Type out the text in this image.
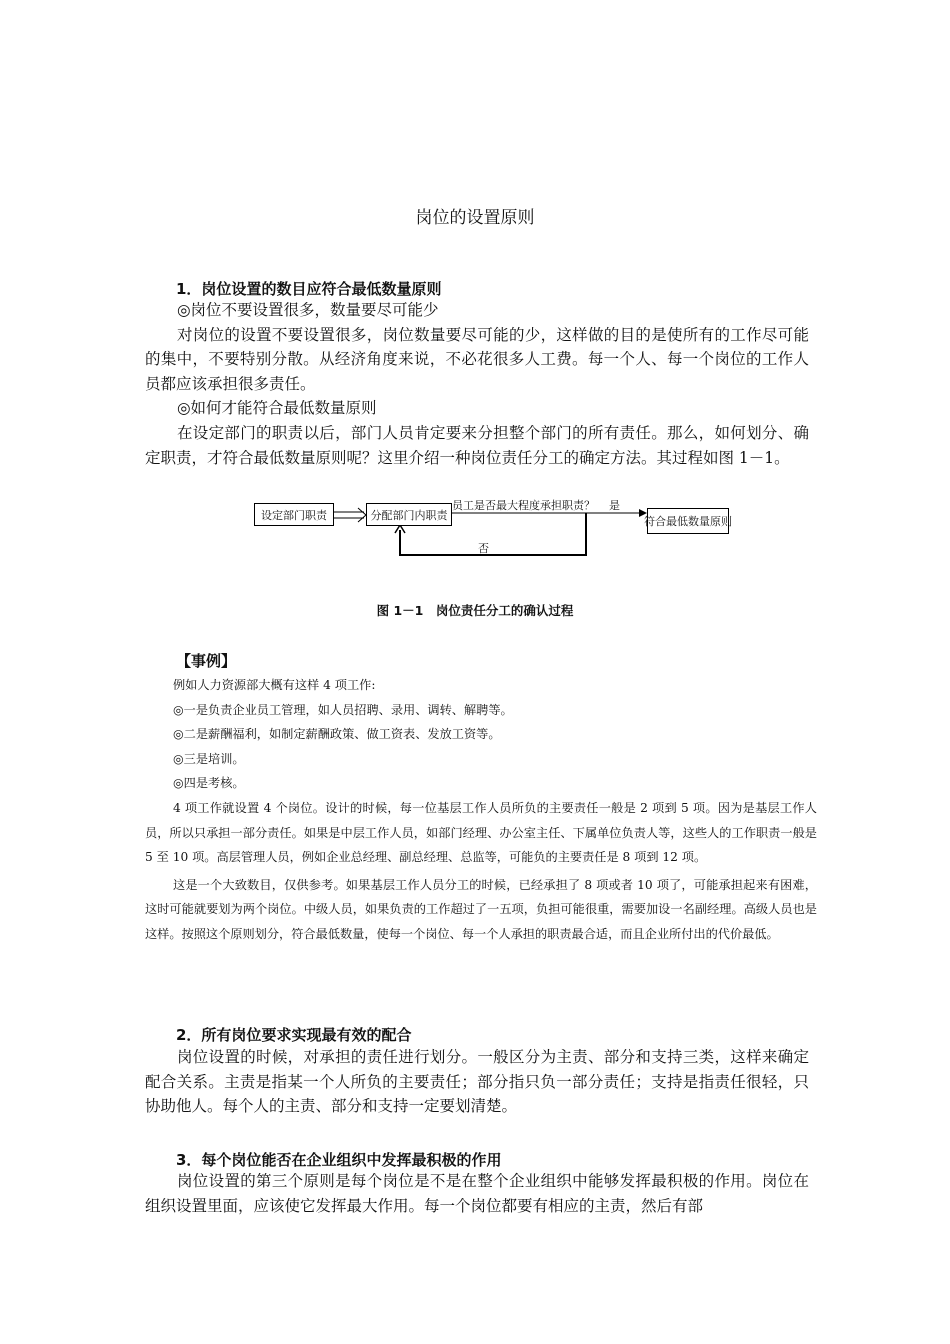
岗位的设置原则
1．岗位设置的数目应符合最低数量原则

◎岗位不要设置很多，数量要尽可能少

对岗位的设置不要设置很多，岗位数量要尽可能的少，这样做的目的是使所有的工作尽可能的集中，不要特别分散。从经济角度来说，不必花很多人工费。每一个人、每一个岗位的工作人员都应该承担很多责任。

◎如何才能符合最低数量原则

在设定部门的职责以后，部门人员肯定要来分担整个部门的所有责任。那么，如何划分、确定职责，才符合最低数量原则呢？这里介绍一种岗位责任分工的确定方法。其过程如图 1－1。

设定部门职责	分配部门内职责	符合最低数量原则
员工是否最大程度承担职责？ 是
否
图 1－1　岗位责任分工的确认过程
【事例】

例如人力资源部大概有这样 4 项工作:

◎一是负责企业员工管理，如人员招聘、录用、调转、解聘等。

◎二是薪酬福利，如制定薪酬政策、做工资表、发放工资等。

◎三是培训。

◎四是考核。

4 项工作就设置 4 个岗位。设计的时候，每一位基层工作人员所负的主要责任一般是 2 项到 5 项。因为是基层工作人员，所以只承担一部分责任。如果是中层工作人员，如部门经理、办公室主任、下属单位负责人等，这些人的工作职责一般是 5 至 10 项。高层管理人员，例如企业总经理、副总经理、总监等，可能负的主要责任是 8 项到 12 项。

这是一个大致数目，仅供参考。如果基层工作人员分工的时候，已经承担了 8 项或者 10 项了，可能承担起来有困难，这时可能就要划为两个岗位。中级人员，如果负责的工作超过了一五项，负担可能很重，需要加设一名副经理。高级人员也是这样。按照这个原则划分，符合最低数量，使每一个岗位、每一个人承担的职责最合适，而且企业所付出的代价最低。

2．所有岗位要求实现最有效的配合

岗位设置的时候，对承担的责任进行划分。一般区分为主责、部分和支持三类，这样来确定配合关系。主责是指某一个人所负的主要责任；部分指只负一部分责任；支持是指责任很轻，只协助他人。每个人的主责、部分和支持一定要划清楚。

3．每个岗位能否在企业组织中发挥最积极的作用

岗位设置的第三个原则是每个岗位是不是在整个企业组织中能够发挥最积极的作用。岗位在组织设置里面，应该使它发挥最大作用。每一个岗位都要有相应的主责，然后有部
